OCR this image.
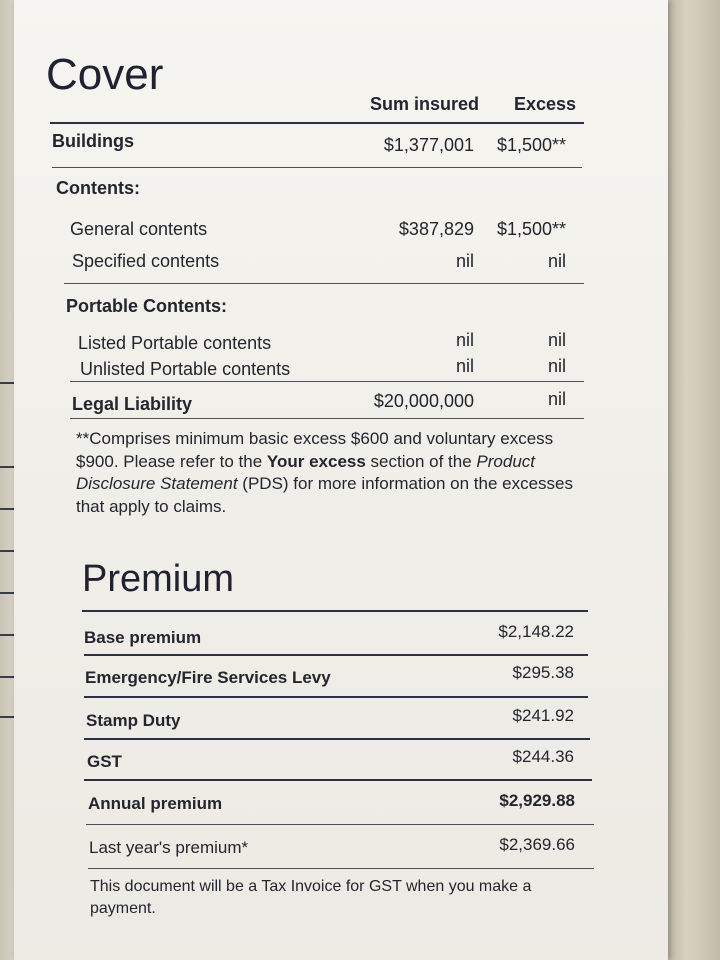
Cover
Sum insured Excess
Buildings	$1,377,001 $1,500**
Contents:
General contents	$387,829 $1,500**
Specified contents	nil	nil
Portable Contents:
Listed Portable contents	nil	nil
Unlisted Portable contents	nil	nil
Legal Liability	$20,000,000	nil

**Comprises minimum basic excess $600 and voluntary excess $900. Please refer to the Your excess section of the Product Disclosure Statement (PDS) for more information on the excesses that apply to claims.

Premium
Base premium	$2,148.22
Emergency/Fire Services Levy	$295.38
Stamp Duty	$241.92
GST	$244.36
Annual premium	$2,929.88
Last year's premium*	$2,369.66

This document will be a Tax Invoice for GST when you make a payment.
